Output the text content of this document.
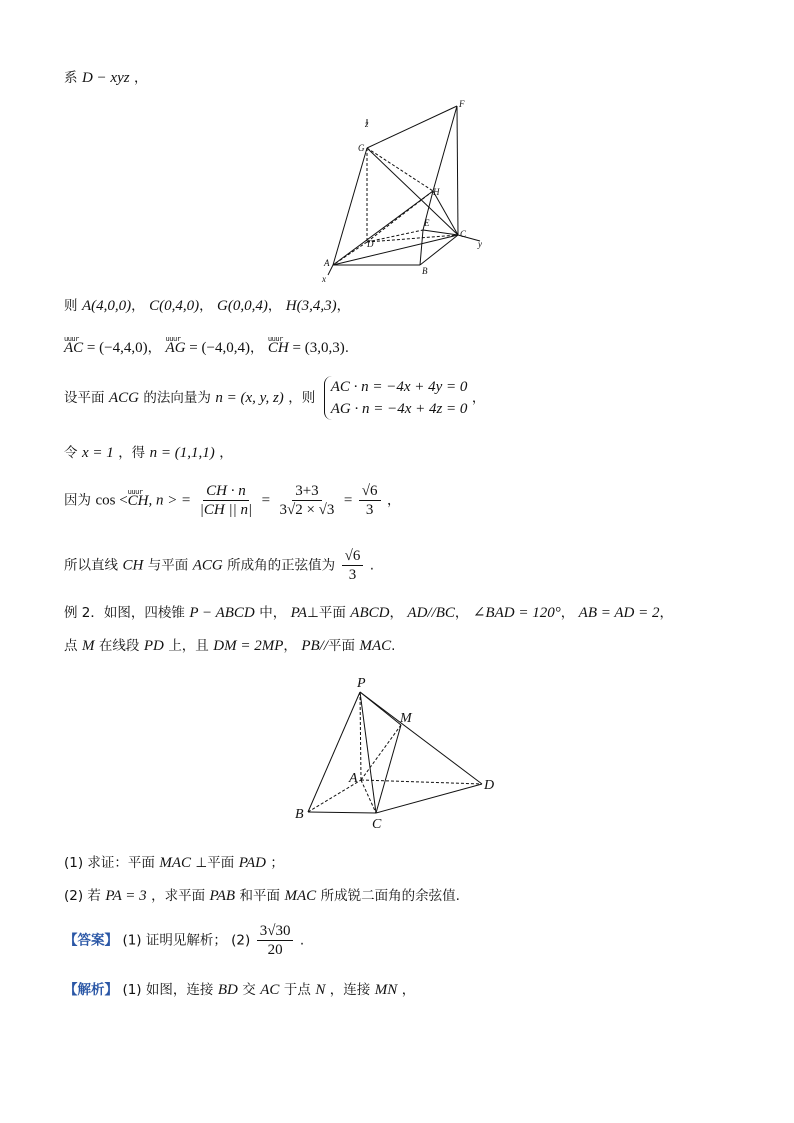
系 D − xyz ，
z
G
F
H
E
D
C
y
A
B
x
则 A(4,0,0)， C(0,4,0)， G(0,0,4)， H(3,4,3)，
uuur AC = (−4,4,0)， uuur AG = (−4,0,4)， uuur CH = (3,0,3).
设平面 ACG 的法向量为 n = (x, y, z) ，则
AC · n = −4x + 4y = 0
AG · n = −4x + 4z = 0
，
令 x = 1 ，得 n = (1,1,1) ，
因为 cos <uuur CH, n > = $\frac{CH \cdot n}{|CH || n|} = \frac{3+3}{3√2 \times √3} = \frac{√6}{3}$ ，
所以直线 CH 与平面 ACG 所成角的正弦值为 $\frac{√6}{3}$ .
例 2．如图，四棱锥 P − ABCD 中， PA⊥平面 ABCD， AD//BC， ∠BAD = 120°， AB = AD = 2，
点 M 在线段 PD 上，且 DM = 2MP， PB//平面 MAC.
P
M
A	D
B
C
(1) 求证：平面 MAC ⊥平面 PAD ；
(2) 若 PA = 3 ，求平面 PAB 和平面 MAC 所成锐二面角的余弦值.
【答案】 (1) 证明见解析； $(2) \frac{3√30}{20}$ .
【解析】 (1) 如图，连接 BD 交 AC 于点 N ，连接 MN ，
